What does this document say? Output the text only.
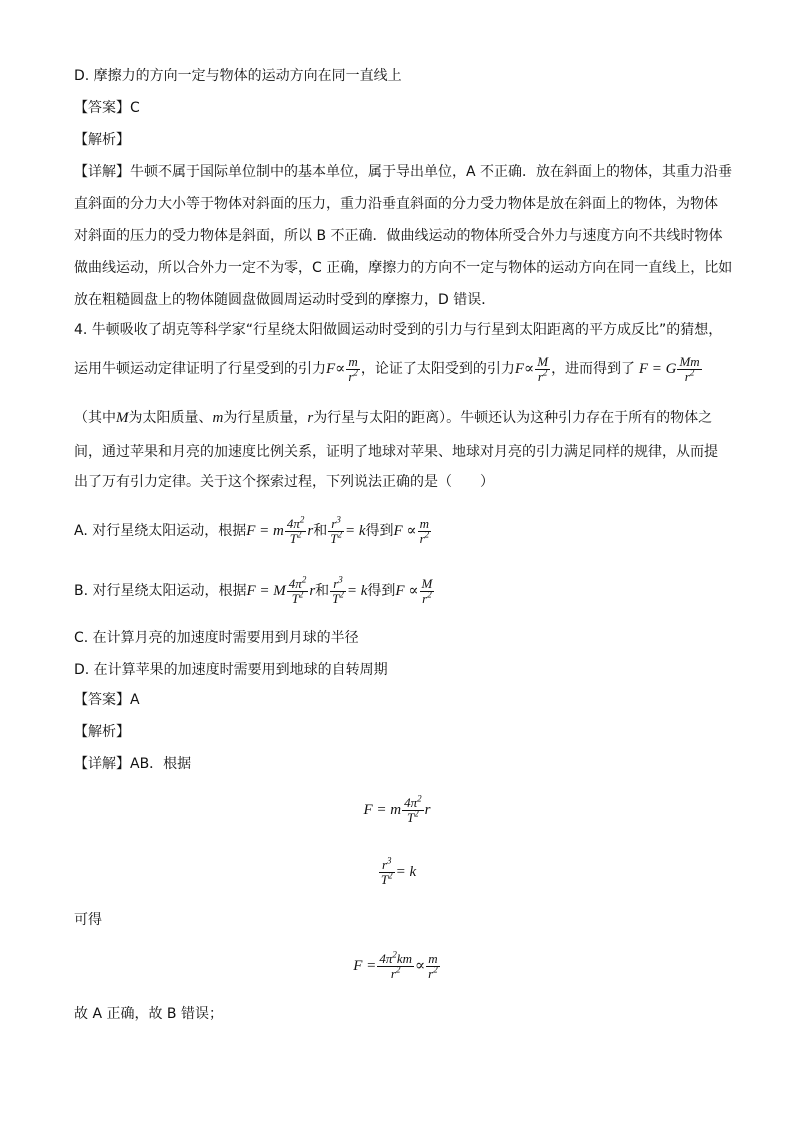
D. 摩擦力的方向一定与物体的运动方向在同一直线上
【答案】C
【解析】
【详解】牛顿不属于国际单位制中的基本单位，属于导出单位，A 不正确．放在斜面上的物体，其重力沿垂
直斜面的分力大小等于物体对斜面的压力，重力沿垂直斜面的分力受力物体是放在斜面上的物体，为物体
对斜面的压力的受力物体是斜面，所以 B 不正确．做曲线运动的物体所受合外力与速度方向不共线时物体
做曲线运动，所以合外力一定不为零，C 正确，摩擦力的方向不一定与物体的运动方向在同一直线上，比如
放在粗糙圆盘上的物体随圆盘做圆周运动时受到的摩擦力，D 错误．
4. 牛顿吸收了胡克等科学家“行星绕太阳做圆运动时受到的引力与行星到太阳距离的平方成反比”的猜想，
运用牛顿运动定律证明了行星受到的引力$F\propto \frac{m}{r^2}$ ，论证了太阳受到的引力$F\propto \frac{M}{r^2}$ ，进而得到了 F = G $\frac{Mm}{r^2}$
（其中M为太阳质量、m为行星质量，r为行星与太阳的距离）。牛顿还认为这种引力存在于所有的物体之
间，通过苹果和月亮的加速度比例关系，证明了地球对苹果、地球对月亮的引力满足同样的规律，从而提
出了万有引力定律。关于这个探索过程，下列说法正确的是（　　）
A. 对行星绕太阳运动，根据F = m $\frac{4\pi^2}{T^2}$ r和 $\frac{r^3}{T^2} = k$得到$F \propto \frac{m}{r^2}$
B. 对行星绕太阳运动，根据F = M $\frac{4\pi^2}{T^2}$ r和 $\frac{r^3}{T^2} = k$得到$F \propto \frac{M}{r^2}$
C. 在计算月亮的加速度时需要用到月球的半径
D. 在计算苹果的加速度时需要用到地球的自转周期
【答案】A
【解析】
【详解】AB．根据
F = m $\frac{4\pi^2}{T^2}$ r
$\frac{r^3}{T^2} = k$
可得
$F = \frac{4\pi^2km}{r^2} \propto \frac{m}{r^2}$
故 A 正确，故 B 错误；
